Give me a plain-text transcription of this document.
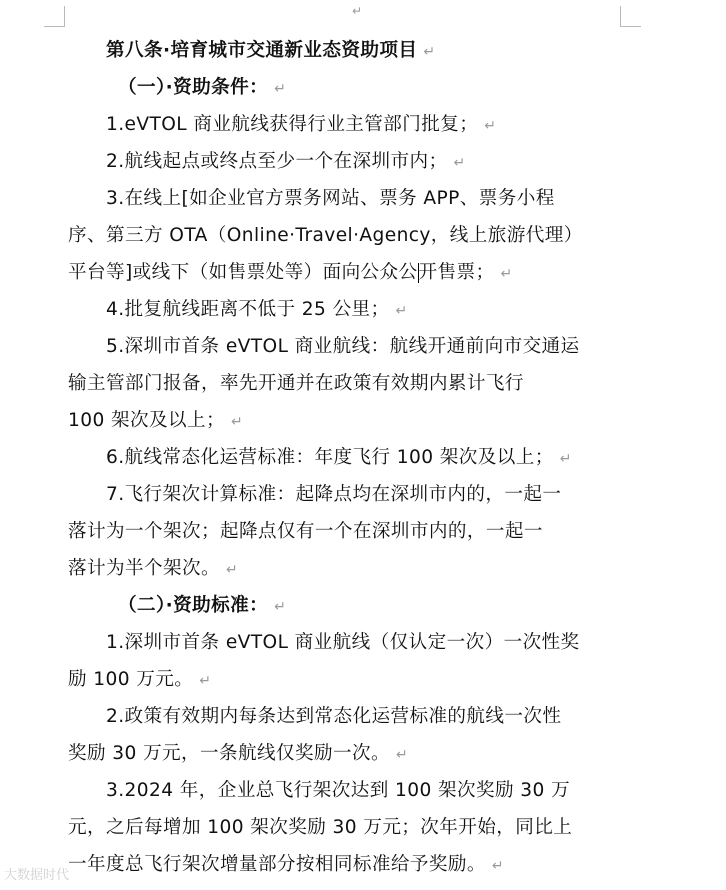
↵
第八条·培育城市交通新业态资助项目 ↵
（一）·资助条件： ↵
1.eVTOL 商业航线获得行业主管部门批复； ↵
2.航线起点或终点至少一个在深圳市内； ↵
3.在线上[如企业官方票务网站、票务 APP、票务小程
序、第三方 OTA（Online·Travel·Agency，线上旅游代理）
平台等]或线下（如售票处等）面向公众公开售票； ↵
4.批复航线距离不低于 25 公里； ↵
5.深圳市首条 eVTOL 商业航线：航线开通前向市交通运
输主管部门报备，率先开通并在政策有效期内累计飞行
100 架次及以上； ↵
6.航线常态化运营标准：年度飞行 100 架次及以上； ↵
7.飞行架次计算标准：起降点均在深圳市内的，一起一
落计为一个架次；起降点仅有一个在深圳市内的，一起一
落计为半个架次。 ↵
（二）·资助标准： ↵
1.深圳市首条 eVTOL 商业航线（仅认定一次）一次性奖
励 100 万元。 ↵
2.政策有效期内每条达到常态化运营标准的航线一次性
奖励 30 万元，一条航线仅奖励一次。 ↵
3.2024 年，企业总飞行架次达到 100 架次奖励 30 万
元，之后每增加 100 架次奖励 30 万元；次年开始，同比上
一年度总飞行架次增量部分按相同标准给予奖励。 ↵
大数据时代
